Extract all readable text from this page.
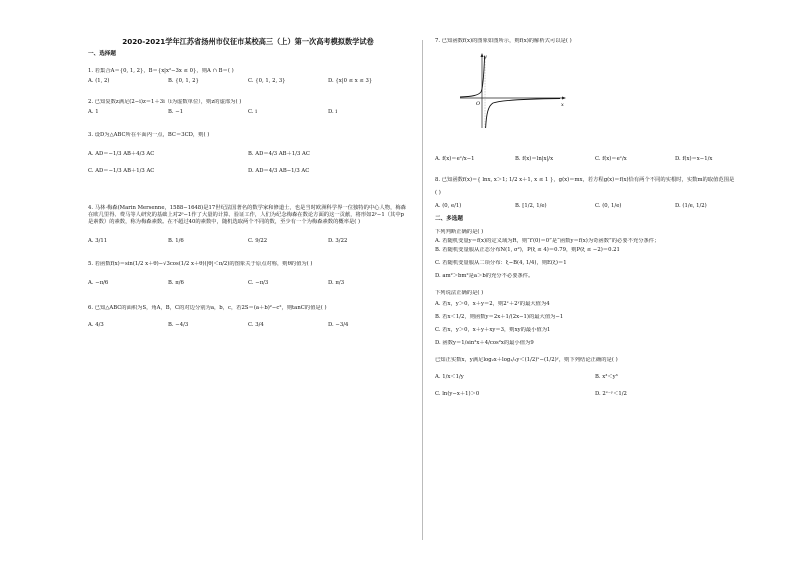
2020-2021学年江苏省扬州市仪征市某校高三（上）第一次高考模拟数学试卷
一、选择题
1. 若集合A＝{0, 1, 2}，B＝{x|x²−3x ≤ 0}，则A ∩ B＝( )
A. (1, 2)	B. {0, 1, 2}	C. {0, 1, 2, 3}	D. {x|0 ≤ x ≤ 3}
2. 已知复数z满足(2−i)z＝1＋3i（i为虚数单位），则z的虚部为( )
A. 1	B. −1	C. i	D. i
3. 设D为△ABC所在平面内一点，BC＝3CD，则( )
A. AD＝−1/3 AB＋4/3 AC	B. AD＝4/3 AB＋1/3 AC
C. AD＝−1/3 AB＋1/3 AC	D. AD＝4/3 AB−1/3 AC
4. 马林·梅森(Marin Mersenne，1588−1648)是17世纪法国著名的数学家和修道士，也是当时欧洲科学界一位独特的中心人物，梅森在欧几里得、费马等人研究的基础上对2ᵖ−1作了大量的计算、验证工作，人们为纪念梅森在数论方面的这一贡献，将形如2ᵖ−1（其中p是素数）的素数，称为梅森素数。在不超过40的素数中，随机选取两个不同的数，至少有一个为梅森素数的概率是( )
A. 3/11	B. 1/6	C. 9/22	D. 3/22
5. 若函数f(x)＝sin(1/2 x＋θ)−√3cos(1/2 x＋θ)(|θ|＜π/2)的图象关于原点对称，则θ的值为( )
A. −π/6	B. π/6	C. −π/3	D. π/3
6. 已知△ABC的面积为S，角A，B，C的对边分别为a，b，c，若2S＝(a＋b)²−c²，则tanC的值是( )
A. 4/3	B. −4/3	C. 3/4	D. −3/4
7. 已知函数f(x)的图象如图所示，则f(x)的解析式可以是( )
A. f(x)＝eˣ/x−1	B. f(x)＝ln|x|/x	C. f(x)＝eˣ/x	D. f(x)＝x−1/x
8. 已知函数f(x)＝{ lnx, x＞1; 1/2 x＋1, x ≤ 1 }，g(x)＝mx，若方程g(x)＝f(x)恰有两个不同的实根时，实数m的取值范围是
( )
A. (0, e/1)	B. [1/2, 1/e)	C. (0, 1/e)	D. (1/e, 1/2)
二、多选题
下列判断正确的是( )
A. 若随机变量y＝f(x)的定义域为R，则“f′(0)＝0”是“函数y＝f(x)为奇函数”的必要不充分条件；
B. 若随机变量服从正态分布N(1, σ²)，P(ξ ≤ 4)＝0.79，则P(ξ ≤ −2)＝0.21
C. 若随机变量服从二项分布：ξ∼B(4, 1/4)，则E(ξ)＝1
D. am²＞bm²是a＞b的充分不必要条件。
下列说法正确的是( )
A. 若x，y＞0，x＋y＝2，则2ˣ＋2ʸ的最大值为4
B. 若x＜1/2，则函数y＝2x＋1/(2x−1)的最大值为−1
C. 若x，y＞0，x＋y＋xy＝3，则xy的最小值为1
D. 函数y＝1/sin²x＋4/cos²x的最小值为9
已知正实数x，y满足log₂x＋log₁/₂y＜(1/2)ˣ−(1/2)ʸ，则下列结论正确的是( )
A. 1/x＜1/y	B. x³＜y³
C. ln(y−x＋1)＞0	D. 2ˣ⁻ʸ＜1/2
x
y
O
